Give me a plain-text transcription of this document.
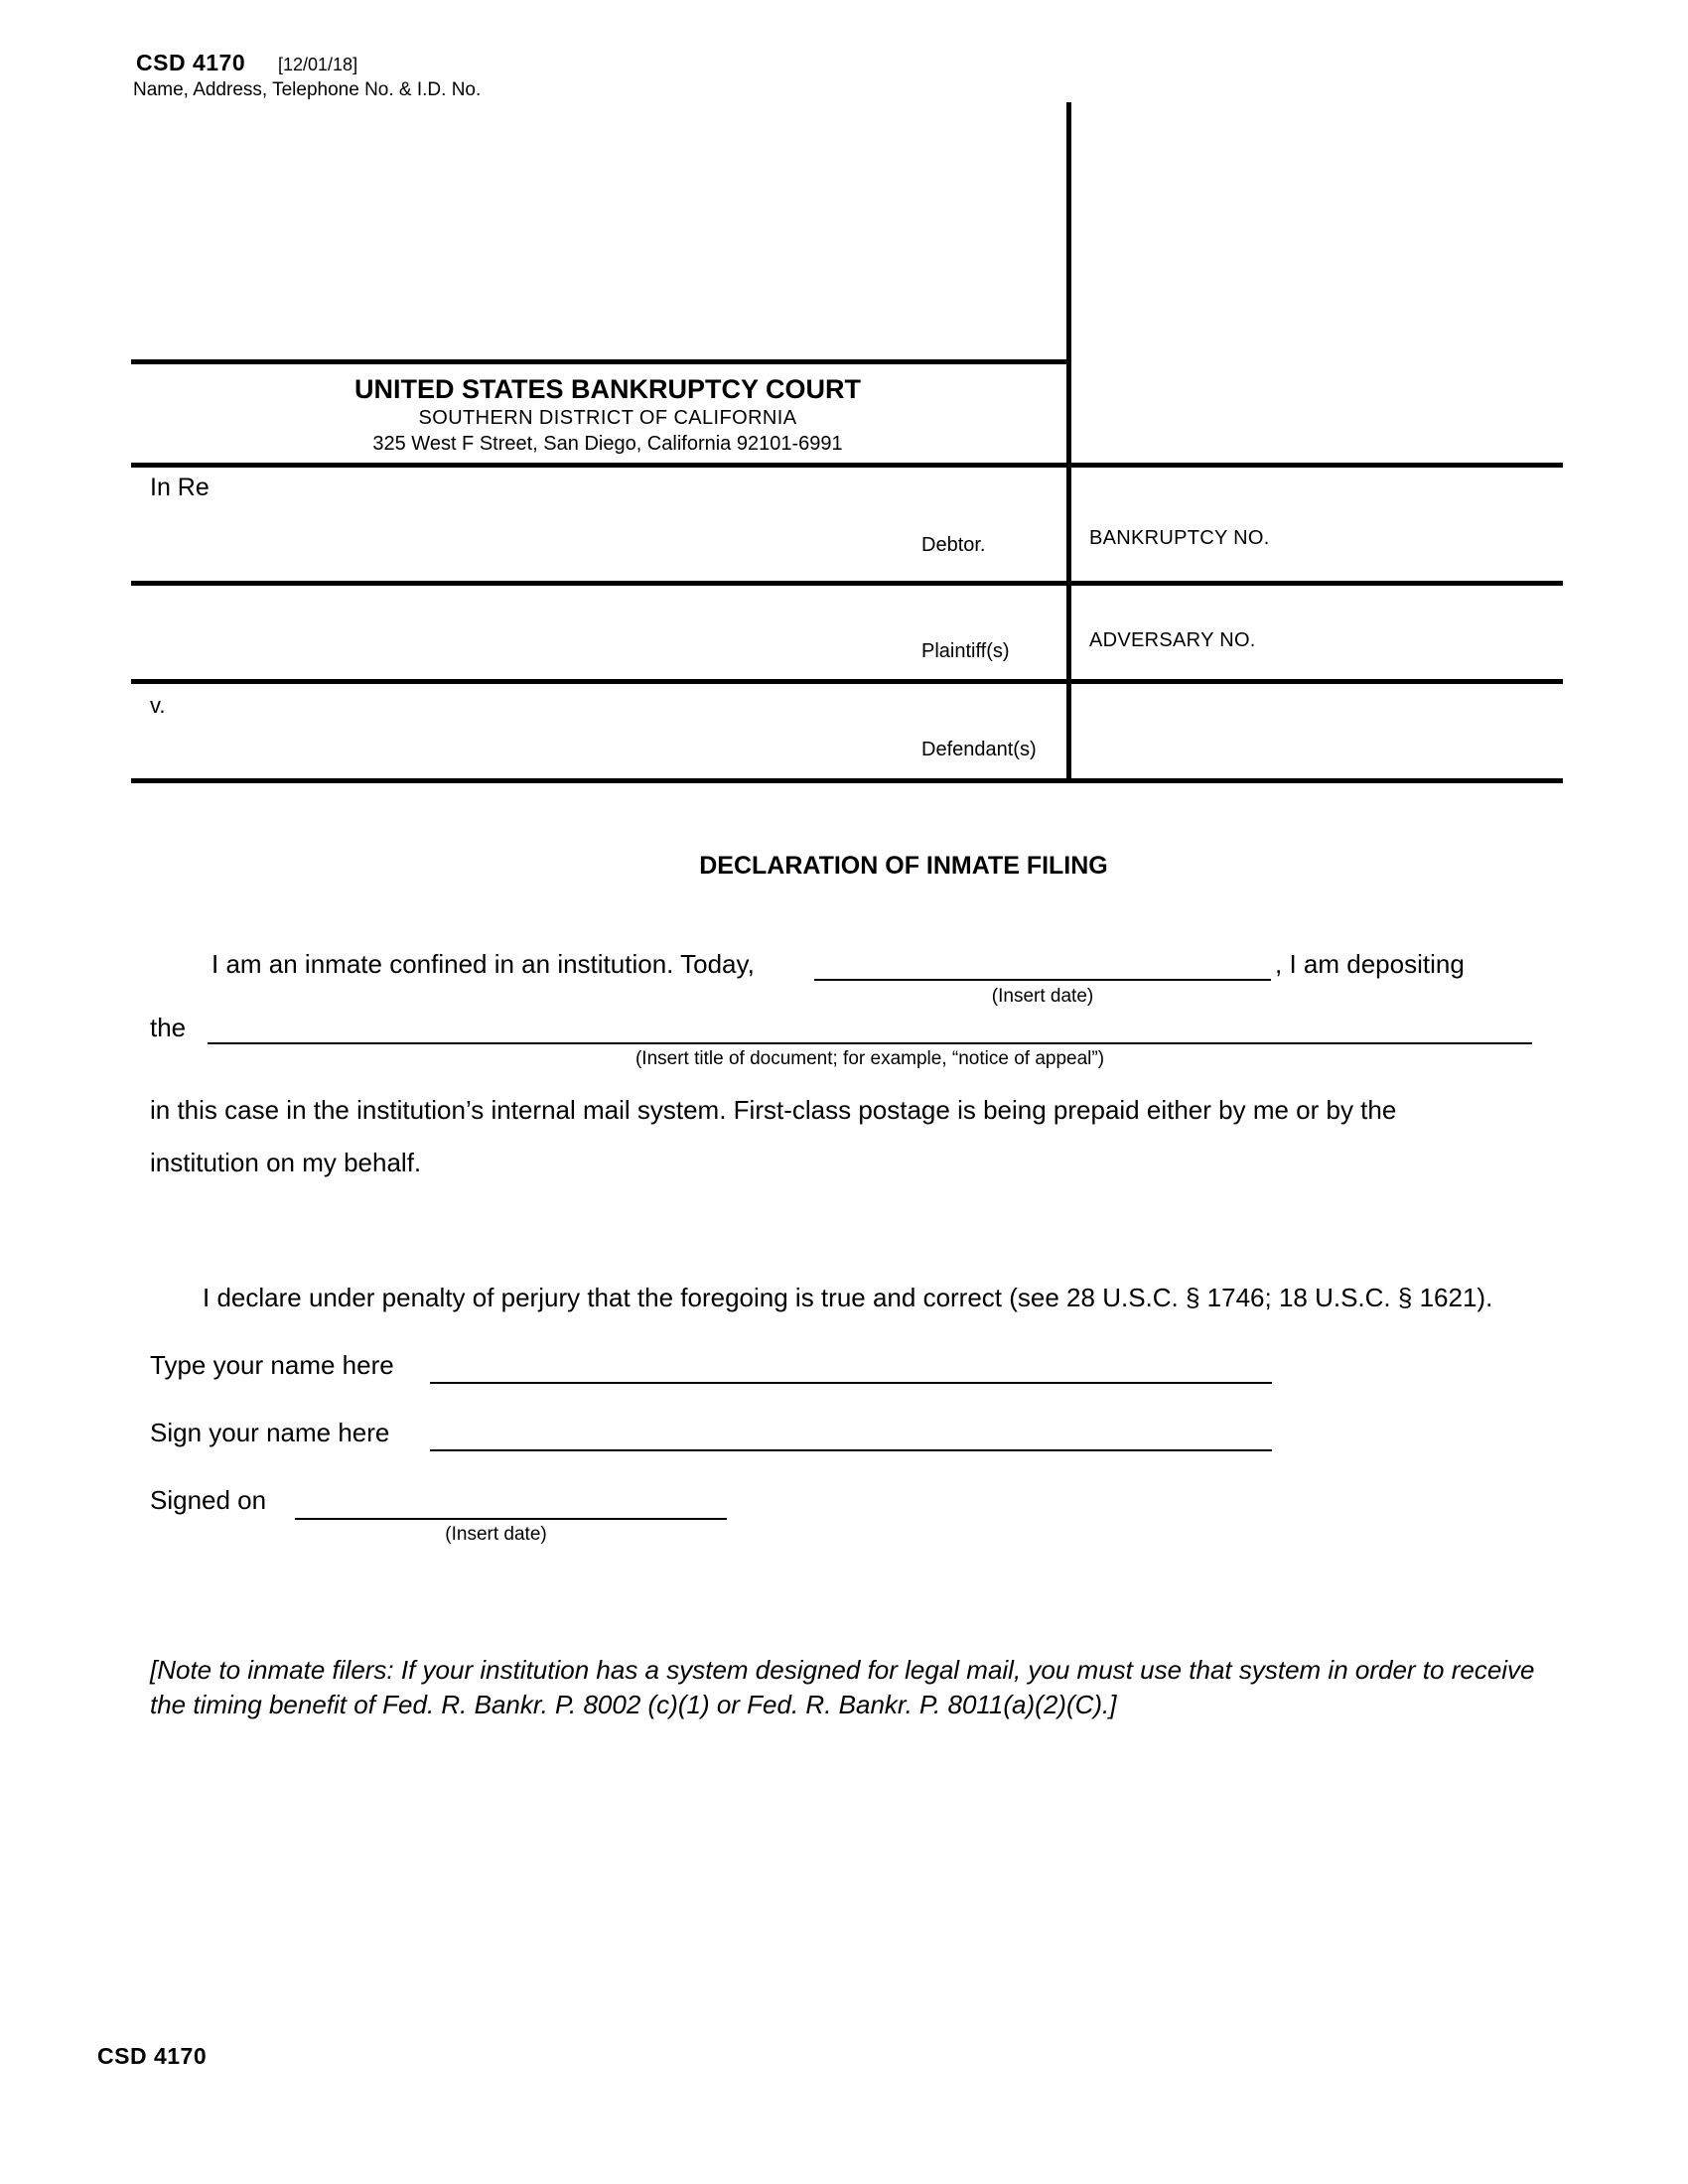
CSD 4170 [12/01/18]
Name, Address, Telephone No. & I.D. No.
UNITED STATES BANKRUPTCY COURT
SOUTHERN DISTRICT OF CALIFORNIA
325 West F Street, San Diego, California 92101-6991
In Re
Debtor.	BANKRUPTCY NO.
Plaintiff(s)	ADVERSARY NO.
v.
Defendant(s)
DECLARATION OF INMATE FILING
I am an inmate confined in an institution. Today,	, I am depositing
(Insert date)
the
(Insert title of document; for example, “notice of appeal”)
in this case in the institution’s internal mail system. First-class postage is being prepaid either by me or by the
institution on my behalf.
I declare under penalty of perjury that the foregoing is true and correct (see 28 U.S.C. § 1746; 18 U.S.C. § 1621).
Type your name here
Sign your name here
Signed on
(Insert date)
[Note to inmate filers: If your institution has a system designed for legal mail, you must use that system in order to receive the timing benefit of Fed. R. Bankr. P. 8002 (c)(1) or Fed. R. Bankr. P. 8011(a)(2)(C).]
CSD 4170
